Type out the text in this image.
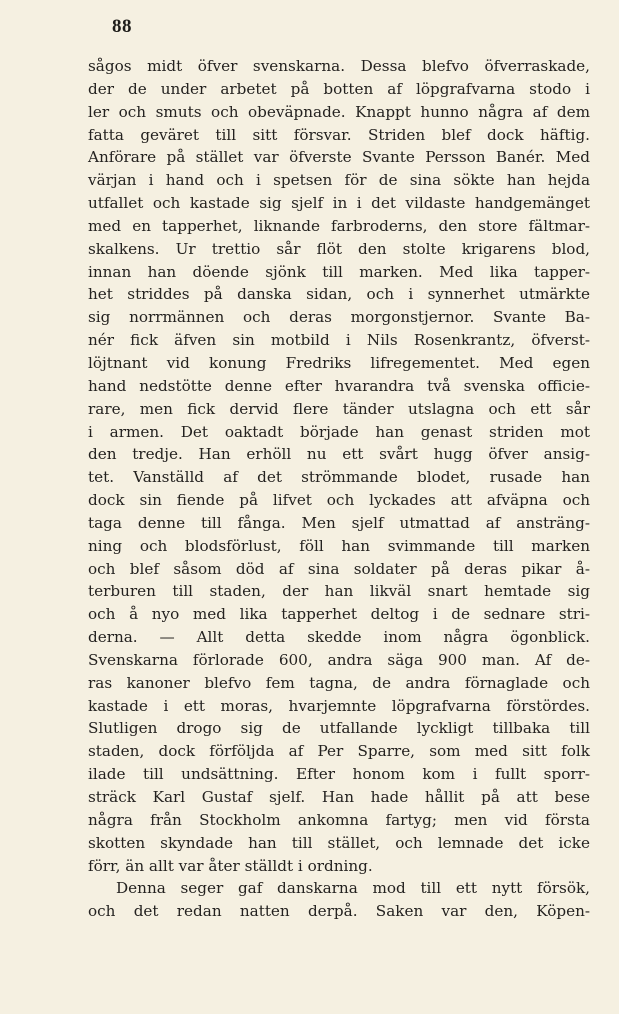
88
sågos midt öfver svenskarna. Dessa blefvo öfverraskade,
der de under arbetet på botten af löpgrafvarna stodo i
ler och smuts och obeväpnade. Knappt hunno några af dem
fatta geväret till sitt försvar. Striden blef dock häftig.
Anförare på stället var öfverste Svante Persson Banér. Med
värjan i hand och i spetsen för de sina sökte han hejda
utfallet och kastade sig sjelf in i det vildaste handgemänget
med en tapperhet, liknande farbroderns, den store fältmar-
skalkens. Ur trettio sår flöt den stolte krigarens blod,
innan han döende sjönk till marken. Med lika tapper-
het striddes på danska sidan, och i synnerhet utmärkte
sig norrmännen och deras morgonstjernor. Svante Ba-
nér fick äfven sin motbild i Nils Rosenkrantz, öfverst-
löjtnant vid konung Fredriks lifregementet. Med egen
hand nedstötte denne efter hvarandra två svenska officie-
rare, men fick dervid flere tänder utslagna och ett sår
i armen. Det oaktadt började han genast striden mot
den tredje. Han erhöll nu ett svårt hugg öfver ansig-
tet. Vanställd af det strömmande blodet, rusade han
dock sin fiende på lifvet och lyckades att afväpna och
taga denne till fånga. Men sjelf utmattad af ansträng-
ning och blodsförlust, föll han svimmande till marken
och blef såsom död af sina soldater på deras pikar å-
terburen till staden, der han likväl snart hemtade sig
och å nyo med lika tapperhet deltog i de sednare stri-
derna. — Allt detta skedde inom några ögonblick.
Svenskarna förlorade 600, andra säga 900 man. Af de-
ras kanoner blefvo fem tagna, de andra förnaglade och
kastade i ett moras, hvarjemnte löpgrafvarna förstördes.
Slutligen drogo sig de utfallande lyckligt tillbaka till
staden, dock förföljda af Per Sparre, som med sitt folk
ilade till undsättning. Efter honom kom i fullt sporr-
sträck Karl Gustaf sjelf. Han hade hållit på att bese
några från Stockholm ankomna fartyg; men vid första
skotten skyndade han till stället, och lemnade det icke
förr, än allt var åter ställdt i ordning.
Denna seger gaf danskarna mod till ett nytt försök,
och det redan natten derpå. Saken var den, Köpen-
